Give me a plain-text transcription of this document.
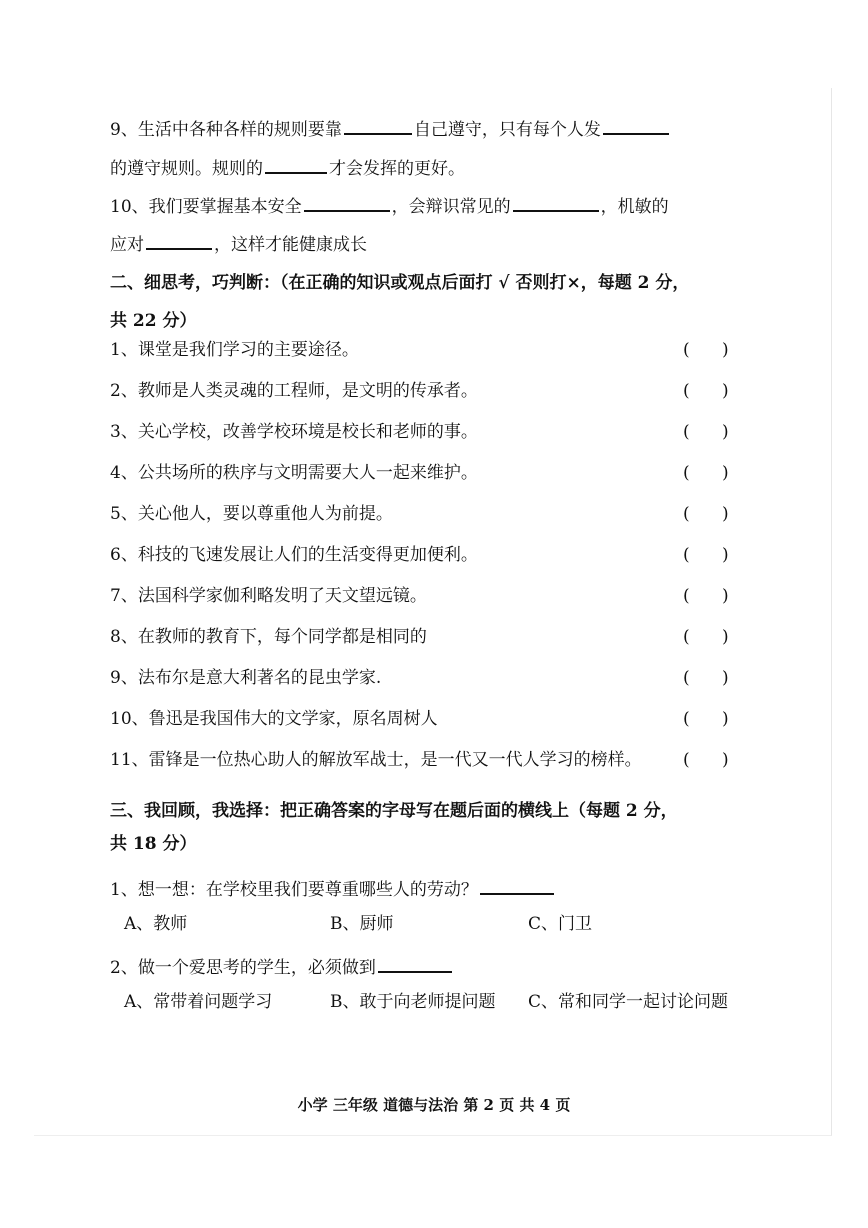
9、生活中各种各样的规则要靠	自己遵守，只有每个人发
的遵守规则。规则的	才会发挥的更好。
10、我们要掌握基本安全	，会辩识常见的	，机敏的
应对	，这样才能健康成长
二、细思考，巧判断：（在正确的知识或观点后面打 √ 否则打×，每题 2 分，
共 22 分）
1、课堂是我们学习的主要途径。	(      )
2、教师是人类灵魂的工程师，是文明的传承者。	(      )
3、关心学校，改善学校环境是校长和老师的事。	(      )
4、公共场所的秩序与文明需要大人一起来维护。	(      )
5、关心他人，要以尊重他人为前提。	(      )
6、科技的飞速发展让人们的生活变得更加便利。	(      )
7、法国科学家伽利略发明了天文望远镜。	(      )
8、在教师的教育下，每个同学都是相同的	(      )
9、法布尔是意大利著名的昆虫学家.	(      )
10、鲁迅是我国伟大的文学家，原名周树人	(      )
11、雷锋是一位热心助人的解放军战士，是一代又一代人学习的榜样。 (      )
三、我回顾，我选择：把正确答案的字母写在题后面的横线上（每题 2 分，
共 18 分）
1、想一想：在学校里我们要尊重哪些人的劳动？
A、教师	B、厨师	C、门卫
2、做一个爱思考的学生，必须做到
A、常带着问题学习	B、敢于向老师提问题 C、常和同学一起讨论问题
小学 三年级 道德与法治 第 2 页 共 4 页
